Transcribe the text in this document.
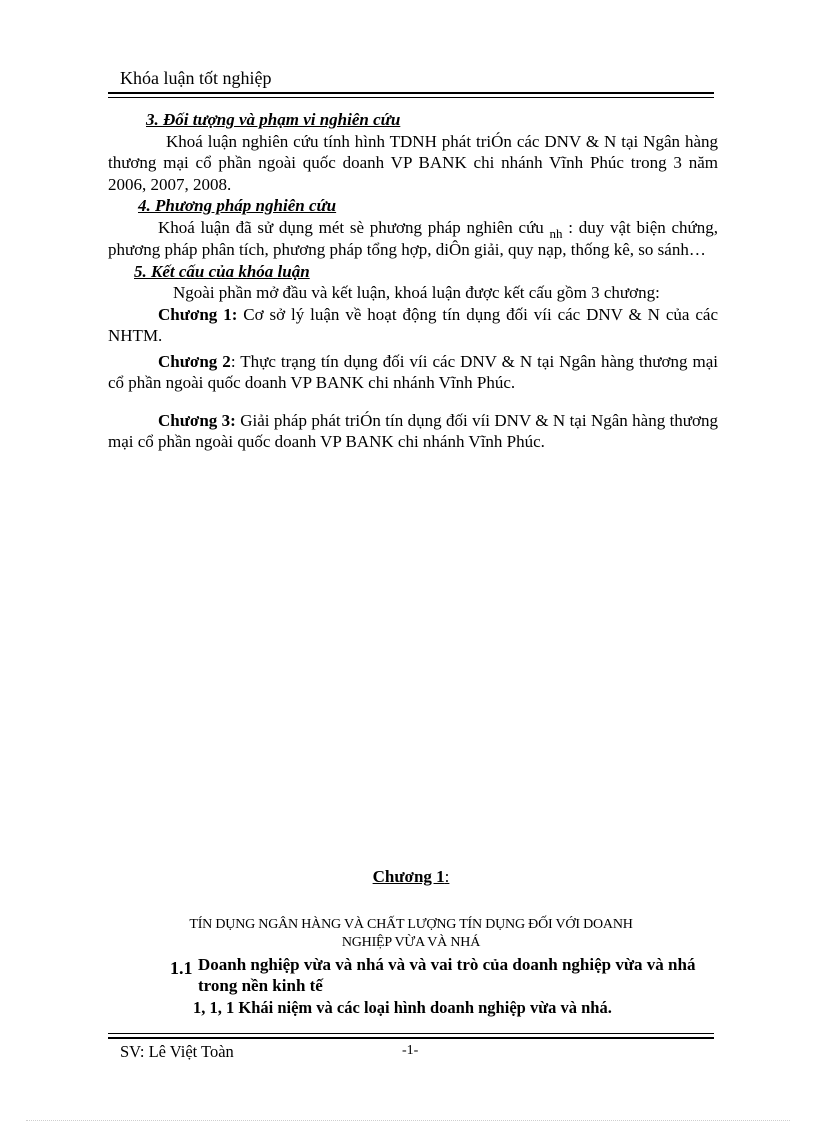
Khóa luận tốt nghiệp

3. Đối tượng và phạm vi nghiên cứu

Khoá luận nghiên cứu tính hình TDNH phát triÓn các DNV & N tại Ngân hàng thương mại cổ phần ngoài quốc doanh VP BANK chi nhánh Vĩnh Phúc trong 3 năm 2006, 2007, 2008.

4. Phương pháp nghiên cứu

Khoá luận đã sử dụng mét sè phương pháp nghiên cứu $_{nh}$ : duy vật biện chứng, phương pháp phân tích, phương pháp tổng hợp, diÔn giải, quy nạp, thống kê, so sánh…

5. Kết cấu của khóa luận

Ngoài phần mở đầu và kết luận, khoá luận được kết cấu gồm 3 chương:

Chương 1: Cơ sở lý luận về hoạt động tín dụng đối víi các DNV & N của các NHTM.

Chương 2: Thực trạng tín dụng đối víi các DNV & N tại Ngân hàng thương mại cổ phần ngoài quốc doanh VP BANK chi nhánh Vĩnh Phúc.

Chương 3: Giải pháp phát triÓn tín dụng đối víi DNV & N tại Ngân hàng thương mại cổ phần ngoài quốc doanh VP BANK chi nhánh Vĩnh Phúc.

Chương 1:
TÍN DỤNG NGÂN HÀNG VÀ CHẤT LƯỢNG TÍN DỤNG ĐỐI VỚI DOANH
NGHIỆP VỪA VÀ NHÁ
1.1 Doanh nghiệp vừa và nhá và và vai trò của doanh nghiệp vừa và nhá trong nền kinh tế
1, 1, 1 Khái niệm và các loại hình doanh nghiệp vừa và nhá.
SV: Lê Việt Toàn	-1-
